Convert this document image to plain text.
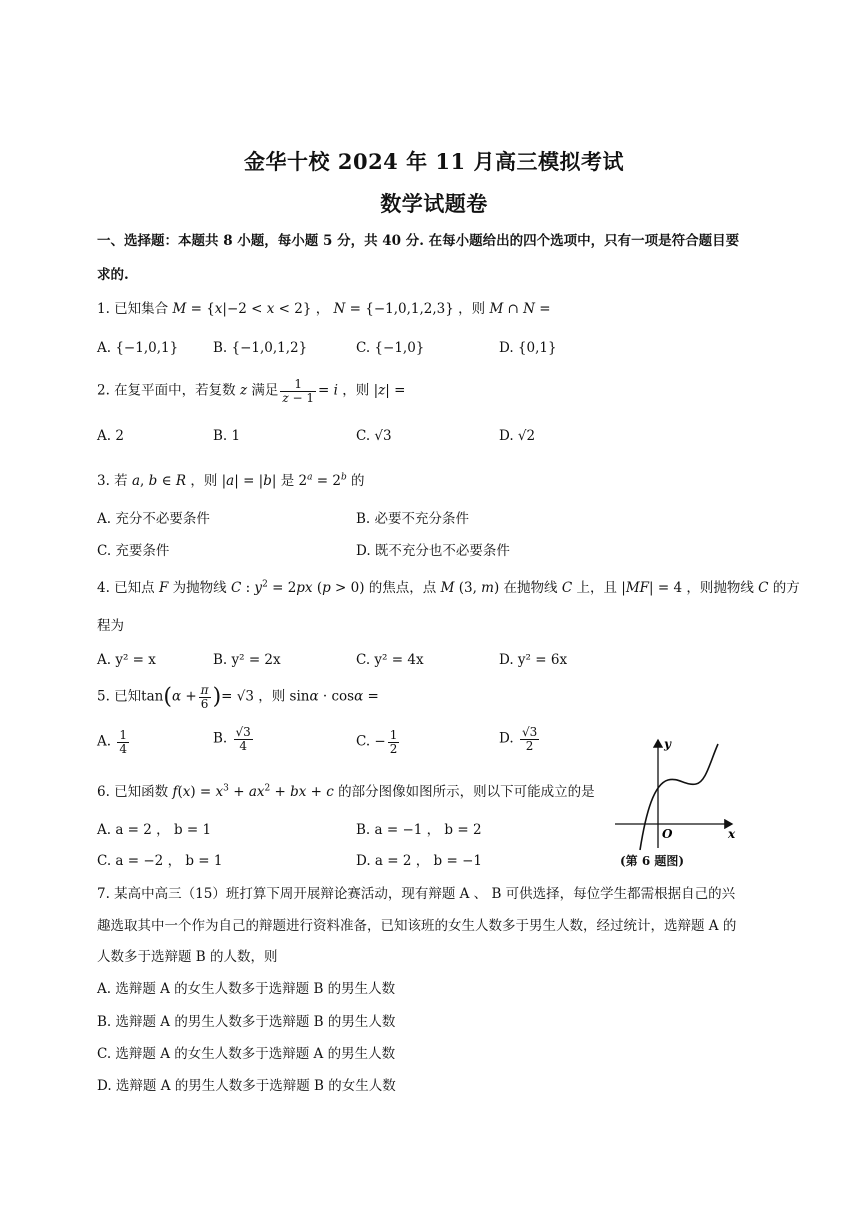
金华十校 2024 年 11 月高三模拟考试
数学试题卷
一、选择题：本题共 8 小题，每小题 5 分，共 40 分. 在每小题给出的四个选项中，只有一项是符合题目要
求的.
1. 已知集合 M = {x|−2 < x < 2} ， N = {−1,0,1,2,3} ，则 M ∩ N =
A. {−1,0,1}	B. {−1,0,1,2}	C. {−1,0}	D. {0,1}
2. 在复平面中，若复数 z 满足 $\frac{1}{z - 1} = i$ ，则 |z| =
A. 2	B. 1	C. √3	D. √2
3. 若 a, b ∈ R ，则 |a| = |b| 是 $2^a = 2^b$ 的
A. 充分不必要条件	B. 必要不充分条件
C. 充要条件	D. 既不充分也不必要条件
4. 已知点 F 为抛物线 C : $y^2 = 2px$ (p > 0) 的焦点，点 M (3, m) 在抛物线 C 上，且 |MF| = 4 ，则抛物线 C 的方
程为
A. y² = x	B. y² = 2x	C. y² = 4x	D. y² = 6x
5. 已知$\tan(\alpha + \frac{\pi}{6}$ )= √3 ，则 sinα · cosα =
A. $\frac{1}{4}$	B. $\frac{√3}{4}$	C. − $\frac{1}{2}$	D. $\frac{√3}{2}$
6. 已知函数 $f(x) = x^3 + ax^2$ + bx + c 的部分图像如图所示，则以下可能成立的是
A. a = 2 ， b = 1	B. a = −1 ， b = 2
C. a = −2 ， b = 1	D. a = 2 ， b = −1
y
x
O
(第 6 题图)
7. 某高中高三（15）班打算下周开展辩论赛活动，现有辩题 A 、 B 可供选择，每位学生都需根据自己的兴
趣选取其中一个作为自己的辩题进行资料准备，已知该班的女生人数多于男生人数，经过统计，选辩题 A 的
人数多于选辩题 B 的人数，则
A. 选辩题 A 的女生人数多于选辩题 B 的男生人数
B. 选辩题 A 的男生人数多于选辩题 B 的男生人数
C. 选辩题 A 的女生人数多于选辩题 A 的男生人数
D. 选辩题 A 的男生人数多于选辩题 B 的女生人数
